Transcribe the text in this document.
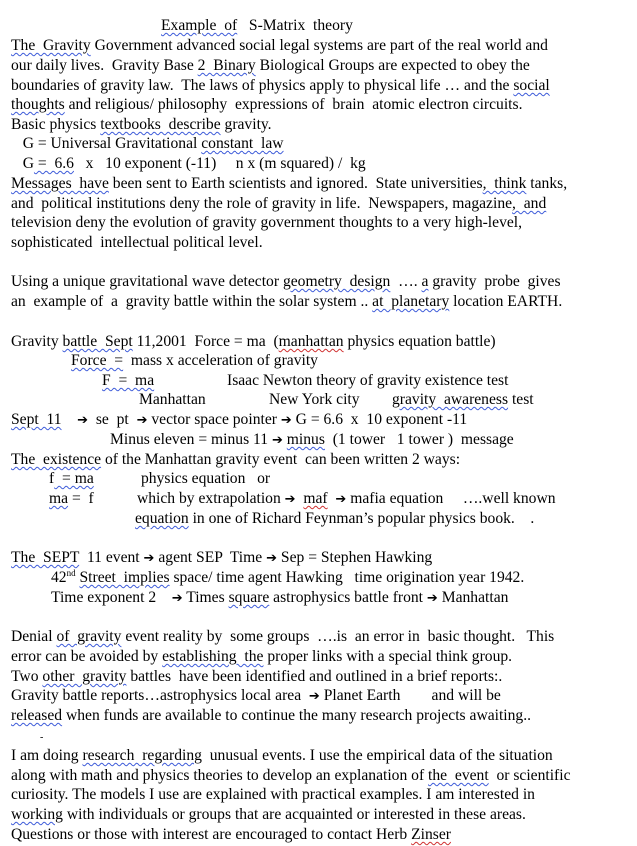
Example  of   S-Matrix  theory
The  Gravity Government advanced social legal systems are part of the real world and
our daily lives.  Gravity Base 2  Binary Biological Groups are expected to obey the
boundaries of gravity law.  The laws of physics apply to physical life … and the social
thoughts and religious/ philosophy  expressions of  brain  atomic electron circuits.
Basic physics textbooks  describe gravity.
G = Universal Gravitational constant  law
G =  6.6   x   10 exponent (-11)     n x (m squared) /  kg
Messages  have been sent to Earth scientists and ignored.  State universities,  think tanks,
and  political institutions deny the role of gravity in life.  Newspapers, magazine,  and
television deny the evolution of gravity government thoughts to a very high-level,
sophisticated  intellectual political level.
Using a unique gravitational wave detector geometry  design  …. a gravity  probe  gives
an  example of  a  gravity battle within the solar system .. at  planetary location EARTH.
Gravity battle  Sept 11,2001  Force = ma  (manhattan physics equation battle)
Force  =  mass x acceleration of gravity
F  =  ma	Isaac Newton theory of gravity existence test
Manhattan	New York city gravity  awareness test
Sept  11 ➔ se  pt ➔ vector space pointer ➔ G = 6.6  x  10 exponent -11
Minus eleven = minus 11 ➔ minus  (1 tower   1 tower )  message
The  existence of the Manhattan gravity event  can been written 2 ways:
f  = ma	physics equation   or
ma =  f	which by extrapolation ➔ maf ➔ mafia equation     ….well known
equation in one of Richard Feynman’s popular physics book.    .
The  SEPT  11 event ➔ agent SEP  Time ➔ Sep = Stephen Hawking
42nd Street  implies space/ time agent Hawking   time origination year 1942.
Time exponent 2    ➔ Times square astrophysics battle front ➔ Manhattan
Denial of  gravity event reality by  some groups  ….is  an error in  basic thought.   This
error can be avoided by establishing  the proper links with a special think group.
Two other  gravity battles  have been identified and outlined in a brief reports:.
Gravity battle reports…astrophysics local area  ➔ Planet Earth        and will be
released when funds are available to continue the many research projects awaiting..
-
I am doing research  regarding  unusual events. I use the empirical data of the situation
along with math and physics theories to develop an explanation of the  event  or scientific
curiosity. The models I use are explained with practical examples. I am interested in
working with individuals or groups that are acquainted or interested in these areas.
Questions or those with interest are encouraged to contact Herb Zinser
